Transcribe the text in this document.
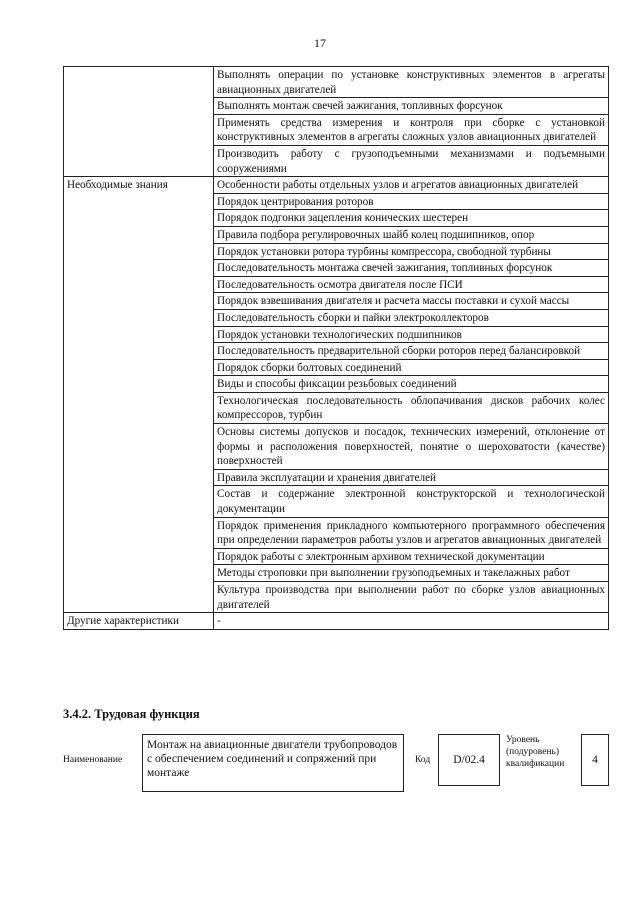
17
	Выполнять операции по установке конструктивных элементов в агрегаты авиационных двигателей
	Выполнять монтаж свечей зажигания, топливных форсунок
	Применять средства измерения и контроля при сборке с установкой конструктивных элементов в агрегаты сложных узлов авиационных двигателей
	Производить работу с грузоподъемными механизмами и подъемными сооружениями
Необходимые знания	Особенности работы отдельных узлов и агрегатов авиационных двигателей
	Порядок центрирования роторов
	Порядок подгонки зацепления конических шестерен
	Правила подбора регулировочных шайб колец подшипников, опор
	Порядок установки ротора турбины компрессора, свободной турбины
	Последовательность монтажа свечей зажигания, топливных форсунок
	Последовательность осмотра двигателя после ПСИ
	Порядок взвешивания двигателя и расчета массы поставки и сухой массы
	Последовательность сборки и пайки электроколлекторов
	Порядок установки технологических подшипников
	Последовательность предварительной сборки роторов перед балансировкой
	Порядок сборки болтовых соединений
	Виды и способы фиксации резьбовых соединений
	Технологическая последовательность облопачивания дисков рабочих колес компрессоров, турбин
	Основы системы допусков и посадок, технических измерений, отклонение от формы и расположения поверхностей, понятие о шероховатости (качестве) поверхностей
	Правила эксплуатации и хранения двигателей
	Состав и содержание электронной конструкторской и технологической документации
	Порядок применения прикладного компьютерного программного обеспечения при определении параметров работы узлов и агрегатов авиационных двигателей
	Порядок работы с электронным архивом технической документации
	Методы строповки при выполнении грузоподъемных и такелажных работ
	Культура производства при выполнении работ по сборке узлов авиационных двигателей
Другие характеристики	-
3.4.2. Трудовая функция
Наименование
Монтаж на авиационные двигатели трубопроводов с обеспечением соединений и сопряжений при монтаже
Код	D/02.4
Уровень
(подуровень)
квалификации	4
